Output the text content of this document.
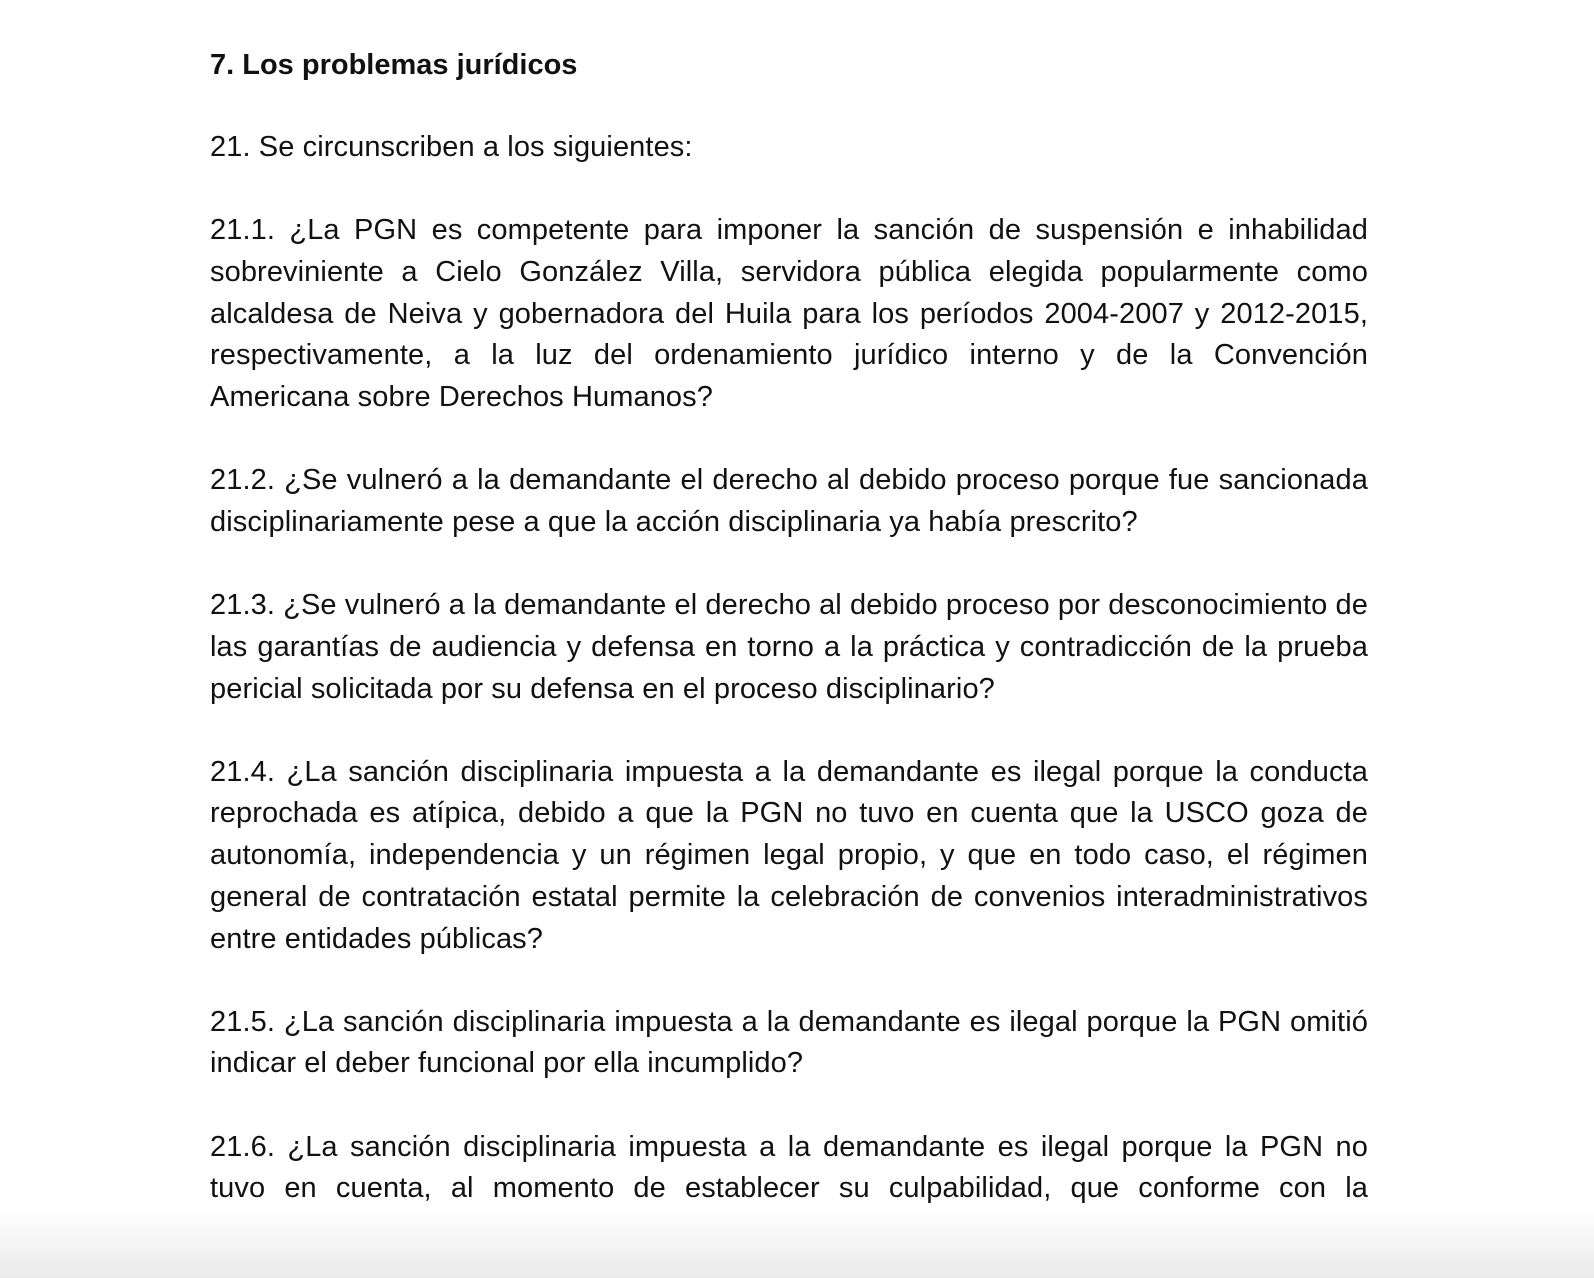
7. Los problemas jurídicos

21. Se circunscriben a los siguientes:

21.1. ¿La PGN es competente para imponer la sanción de suspensión e inhabilidad sobreviniente a Cielo González Villa, servidora pública elegida popularmente como alcaldesa de Neiva y gobernadora del Huila para los períodos 2004-2007 y 2012-2015, respectivamente, a la luz del ordenamiento jurídico interno y de la Convención Americana sobre Derechos Humanos?

21.2. ¿Se vulneró a la demandante el derecho al debido proceso porque fue sancionada disciplinariamente pese a que la acción disciplinaria ya había prescrito?

21.3. ¿Se vulneró a la demandante el derecho al debido proceso por desconocimiento de las garantías de audiencia y defensa en torno a la práctica y contradicción de la prueba pericial solicitada por su defensa en el proceso disciplinario?

21.4. ¿La sanción disciplinaria impuesta a la demandante es ilegal porque la conducta reprochada es atípica, debido a que la PGN no tuvo en cuenta que la USCO goza de autonomía, independencia y un régimen legal propio, y que en todo caso, el régimen general de contratación estatal permite la celebración de convenios interadministrativos entre entidades públicas?

21.5. ¿La sanción disciplinaria impuesta a la demandante es ilegal porque la PGN omitió indicar el deber funcional por ella incumplido?

21.6. ¿La sanción disciplinaria impuesta a la demandante es ilegal porque la PGN no tuvo en cuenta, al momento de establecer su culpabilidad, que conforme con la
